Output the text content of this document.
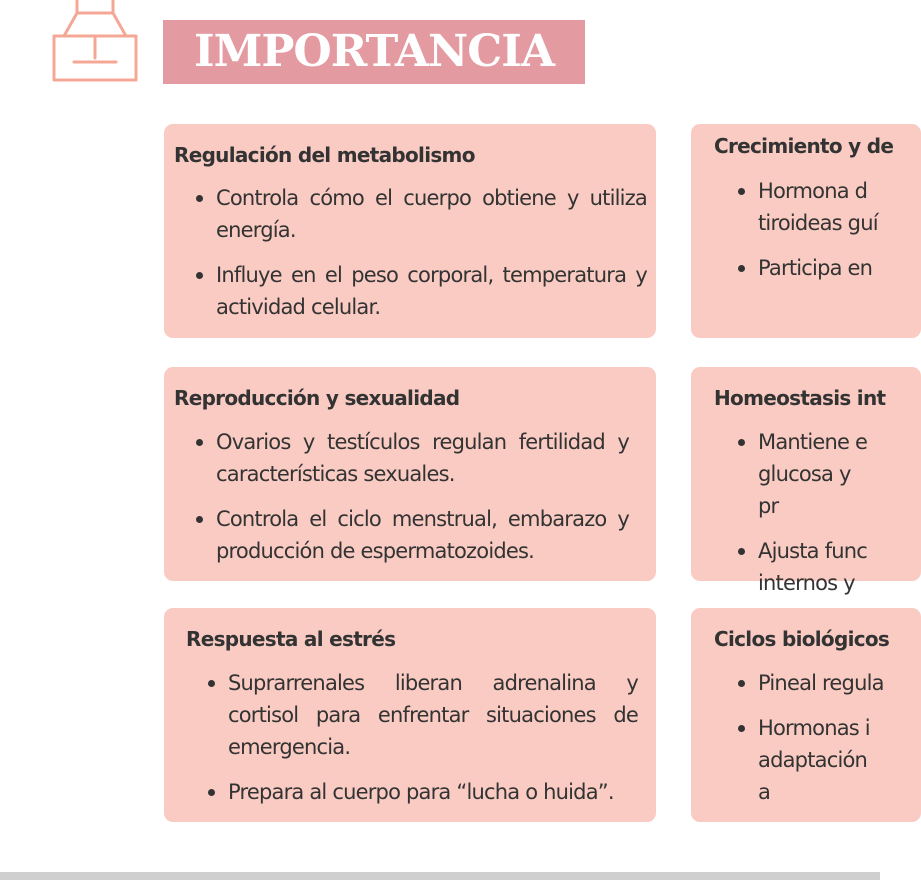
IMPORTANCIA
Regulación del metabolismo
Controla cómo el cuerpo obtiene y utiliza energía.
Influye en el peso corporal, temperatura y actividad celular.
Crecimiento y de
Hormona d tiroideas guí
Participa en
Reproducción y sexualidad
Ovarios y testículos regulan fertilidad y características sexuales.
Controla el ciclo menstrual, embarazo y producción de espermatozoides.
Homeostasis int
Mantiene e glucosa y pr
Ajusta func internos y
Respuesta al estrés
Suprarrenales liberan adrenalina y cortisol para enfrentar situaciones de emergencia.
Prepara al cuerpo para “lucha o huida”.
Ciclos biológicos
Pineal regula
Hormonas i adaptación a
